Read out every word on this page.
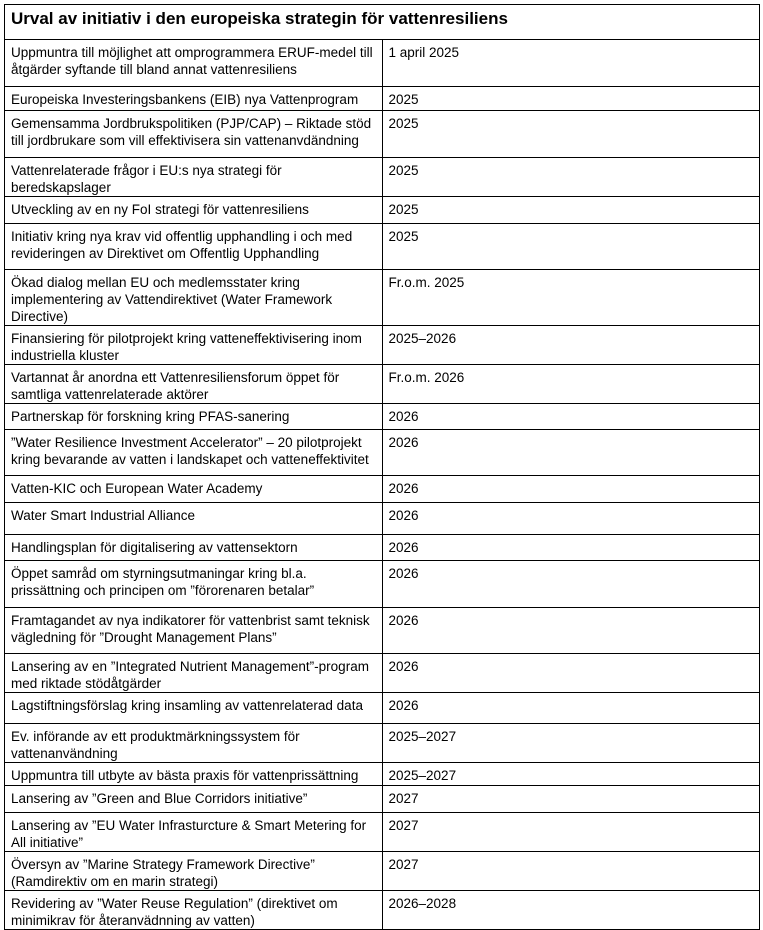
Urval av initiativ i den europeiska strategin för vattenresiliens	
Uppmuntra till möjlighet att omprogrammera ERUF-medel till åtgärder syftande till bland annat vattenresiliens	1 april 2025
Europeiska Investeringsbankens (EIB) nya Vattenprogram	2025
Gemensamma Jordbrukspolitiken (PJP/CAP) – Riktade stöd till jordbrukare som vill effektivisera sin vattenanvdändning	2025
Vattenrelaterade frågor i EU:s nya strategi för beredskapslager	2025
Utveckling av en ny FoI strategi för vattenresiliens	2025
Initiativ kring nya krav vid offentlig upphandling i och med revideringen av Direktivet om Offentlig Upphandling	2025
Ökad dialog mellan EU och medlemsstater kring implementering av Vattendirektivet (Water Framework Directive)	Fr.o.m. 2025
Finansiering för pilotprojekt kring vatteneffektivisering inom industriella kluster	2025–2026
Vartannat år anordna ett Vattenresiliensforum öppet för samtliga vattenrelaterade aktörer	Fr.o.m. 2026
Partnerskap för forskning kring PFAS-sanering	2026
”Water Resilience Investment Accelerator” – 20 pilotprojekt kring bevarande av vatten i landskapet och vatteneffektivitet	2026
Vatten-KIC och European Water Academy	2026
Water Smart Industrial Alliance	2026
Handlingsplan för digitalisering av vattensektorn	2026
Öppet samråd om styrningsutmaningar kring bl.a. prissättning och principen om ”förorenaren betalar”	2026
Framtagandet av nya indikatorer för vattenbrist samt teknisk vägledning för ”Drought Management Plans”	2026
Lansering av en ”Integrated Nutrient Management”-program med riktade stödåtgärder	2026
Lagstiftningsförslag kring insamling av vattenrelaterad data	2026
Ev. införande av ett produktmärkningssystem för vattenanvändning	2025–2027
Uppmuntra till utbyte av bästa praxis för vattenprissättning	2025–2027
Lansering av ”Green and Blue Corridors initiative”	2027
Lansering av ”EU Water Infrasturcture & Smart Metering for All initiative”	2027
Översyn av ”Marine Strategy Framework Directive” (Ramdirektiv om en marin strategi)	2027
Revidering av ”Water Reuse Regulation” (direktivet om minimikrav för återanvädnning av vatten)	2026–2028
